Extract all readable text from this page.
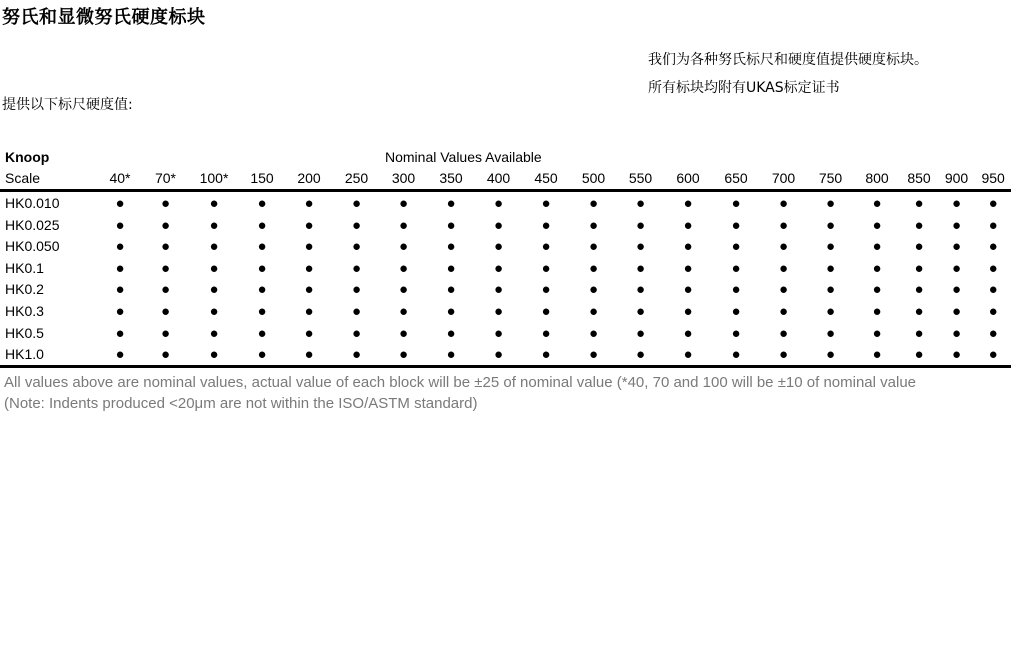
努氏和显微努氏硬度标块
我们为各种努氏标尺和硬度值提供硬度标块。
所有标块均附有UKAS标定证书
提供以下标尺硬度值:
Knoop	Nominal Values Available																			
Scale	40*	70*	100*	150	200	250	300	350	400	450	500	550	600	650	700	750	800	850	900	950
HK0.010	●	●	●	●	●	●	●	●	●	●	●	●	●	●	●	●	●	●	●	●
HK0.025	●	●	●	●	●	●	●	●	●	●	●	●	●	●	●	●	●	●	●	●
HK0.050	●	●	●	●	●	●	●	●	●	●	●	●	●	●	●	●	●	●	●	●
HK0.1	●	●	●	●	●	●	●	●	●	●	●	●	●	●	●	●	●	●	●	●
HK0.2	●	●	●	●	●	●	●	●	●	●	●	●	●	●	●	●	●	●	●	●
HK0.3	●	●	●	●	●	●	●	●	●	●	●	●	●	●	●	●	●	●	●	●
HK0.5	●	●	●	●	●	●	●	●	●	●	●	●	●	●	●	●	●	●	●	●
HK1.0	●	●	●	●	●	●	●	●	●	●	●	●	●	●	●	●	●	●	●	●
All values above are nominal values, actual value of each block will be ±25 of nominal value (*40, 70 and 100 will be ±10 of nominal value
(Note: Indents produced <20μm are not within the ISO/ASTM standard)
